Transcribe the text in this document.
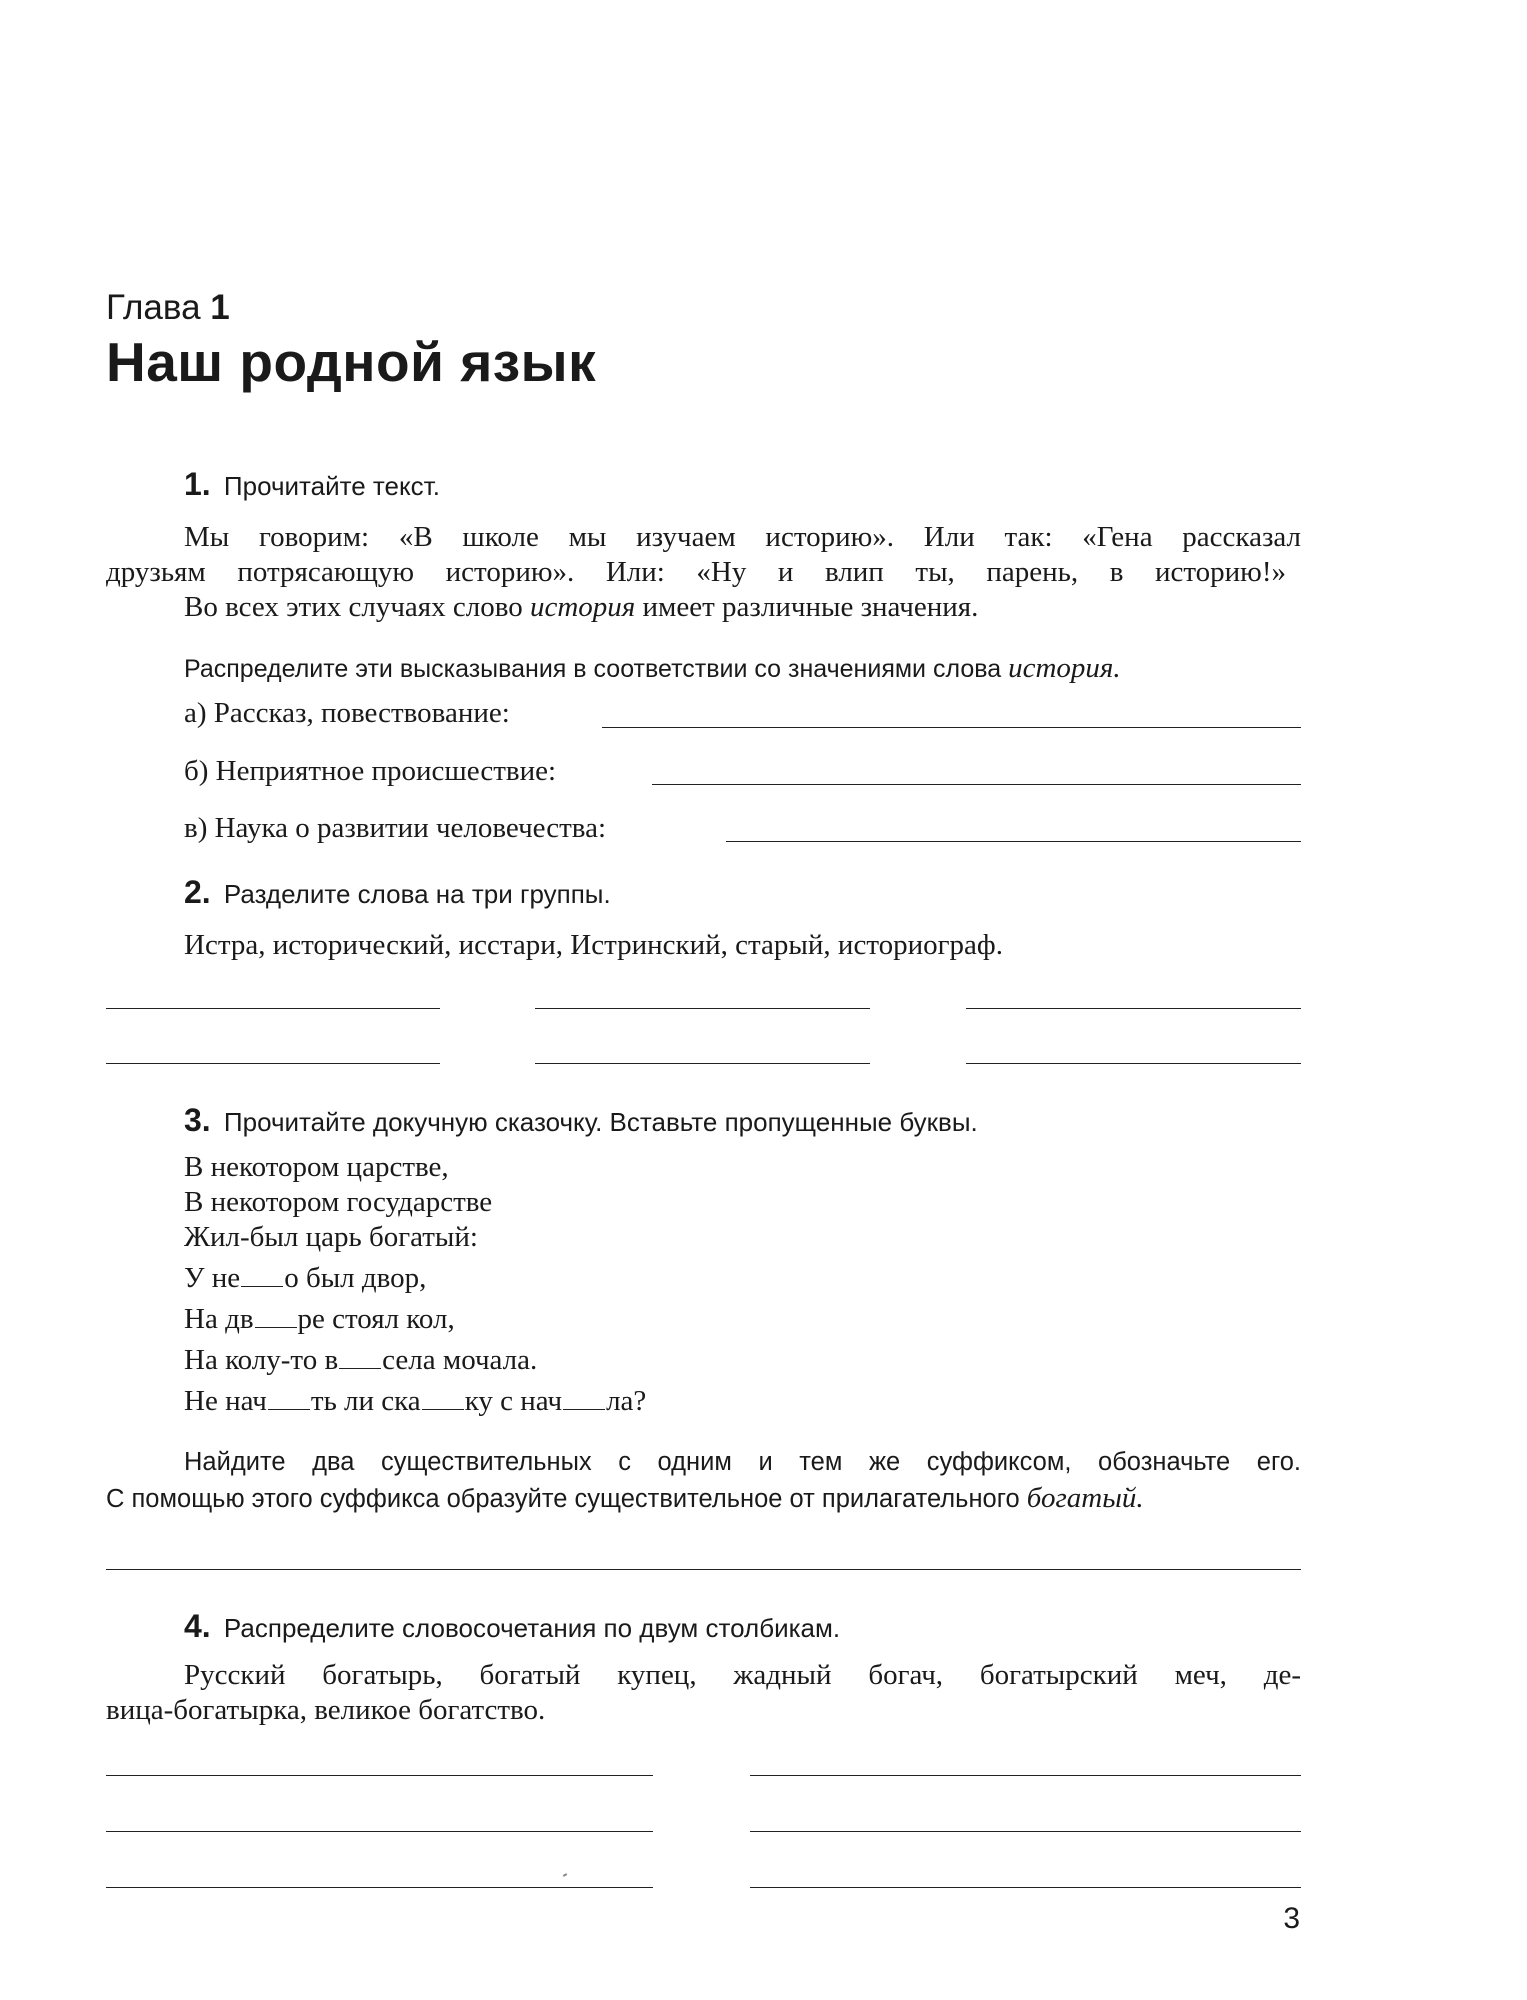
Глава 1
Наш родной язык
1. Прочитайте текст.
Мы говорим: «В школе мы изучаем историю». Или так: «Гена рассказал
друзьям потрясающую историю». Или: «Ну и влип ты, парень, в историю!»
Во всех этих случаях слово история имеет различные значения.
Распределите эти высказывания в соответствии со значениями слова история.
а) Рассказ, повествование:
б) Неприятное происшествие:
в) Наука о развитии человечества:
2. Разделите слова на три группы.
Истра, исторический, исстари, Истринский, старый, историограф.
3. Прочитайте докучную сказочку. Вставьте пропущенные буквы.
В некотором царстве,
В некотором государстве
Жил-был царь богатый:
У не о был двор,
На дв ре стоял кол,
На колу-то в села мочала.
Не нач ть ли ска ку с нач ла?
Найдите два существительных с одним и тем же суффиксом, обозначьте его.
С помощью этого суффикса образуйте существительное от прилагательного богатый.
4. Распределите словосочетания по двум столбикам.
Русский богатырь, богатый купец, жадный богач, богатырский меч, де-
вица-богатырка, великое богатство.
3
